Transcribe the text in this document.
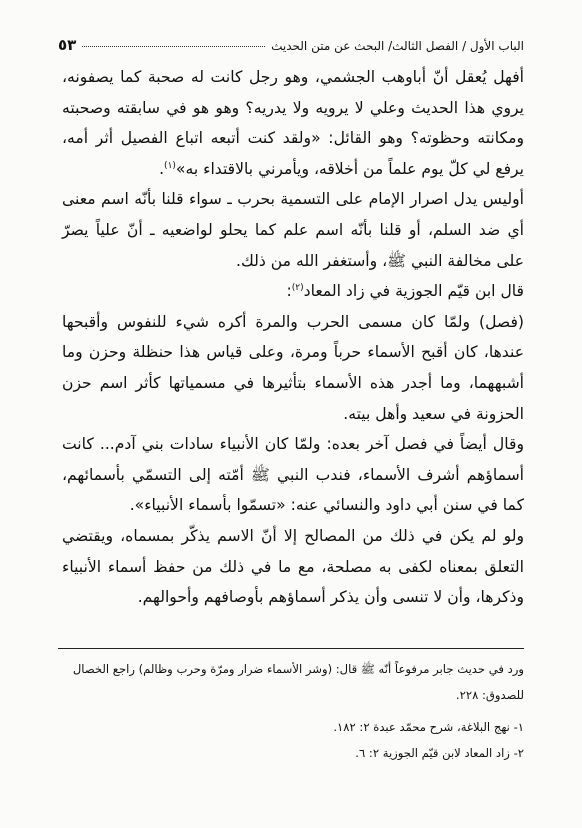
الباب الأول / الفصل الثالث/ البحث عن متن الحديث
٥٣

أفهل يُعقل أنّ أباوهب الجشمي، وهو رجل كانت له صحبة كما يصفونه، يروي هذا الحديث وعلي لا يرويه ولا يدريه؟ وهو هو في سابقته وصحبته ومكانته وحظوته؟ وهو القائل: «ولقد كنت أتبعه اتباع الفصيل أثر أمه، يرفع لي كلّ يوم علماً من أخلاقه، ويأمرني بالاقتداء به»$^{(١)}$.

أوليس يدل اصرار الإمام على التسمية بحرب ـ سواء قلنا بأنّه اسم معنى أي ضد السلم، أو قلنا بأنّه اسم علم كما يحلو لواضعيه ـ أنّ علياً يصرّ على مخالفة النبي ﷺ، وأستغفر الله من ذلك.

قال ابن قيّم الجوزية في زاد المعاد$^{(٢)}$:

(فصل) ولمّا كان مسمى الحرب والمرة أكره شيء للنفوس وأقبحها عندها، كان أقبح الأسماء حرباً ومرة، وعلى قياس هذا حنظلة وحزن وما أشبههما، وما أجدر هذه الأسماء بتأثيرها في مسمياتها كأثر اسم حزن الحزونة في سعيد وأهل بيته.

وقال أيضاً في فصل آخر بعده: ولمّا كان الأنبياء سادات بني آدم... كانت أسماؤهم أشرف الأسماء، فندب النبي ﷺ أمّته إلى التسمّي بأسمائهم، كما في سنن أبي داود والنسائي عنه: «تسمّوا بأسماء الأنبياء».

ولو لم يكن في ذلك من المصالح إلا أنّ الاسم يذكّر بمسماه، ويقتضي التعلق بمعناه لكفى به مصلحة، مع ما في ذلك من حفظ أسماء الأنبياء وذكرها، وأن لا تنسى وأن يذكر أسماؤهم بأوصافهم وأحوالهم.

ورد في حديث جابر مرفوعاً أنّه ﷺ قال: (وشر الأسماء ضرار ومرّة وحرب وظالم) راجع الخصال للصدوق: ٢٢٨.

١- نهج البلاغة، شرح محمّد عبدة ٢: ١٨٢.

٢- زاد المعاد لابن قيّم الجوزية ٢: ٦.
